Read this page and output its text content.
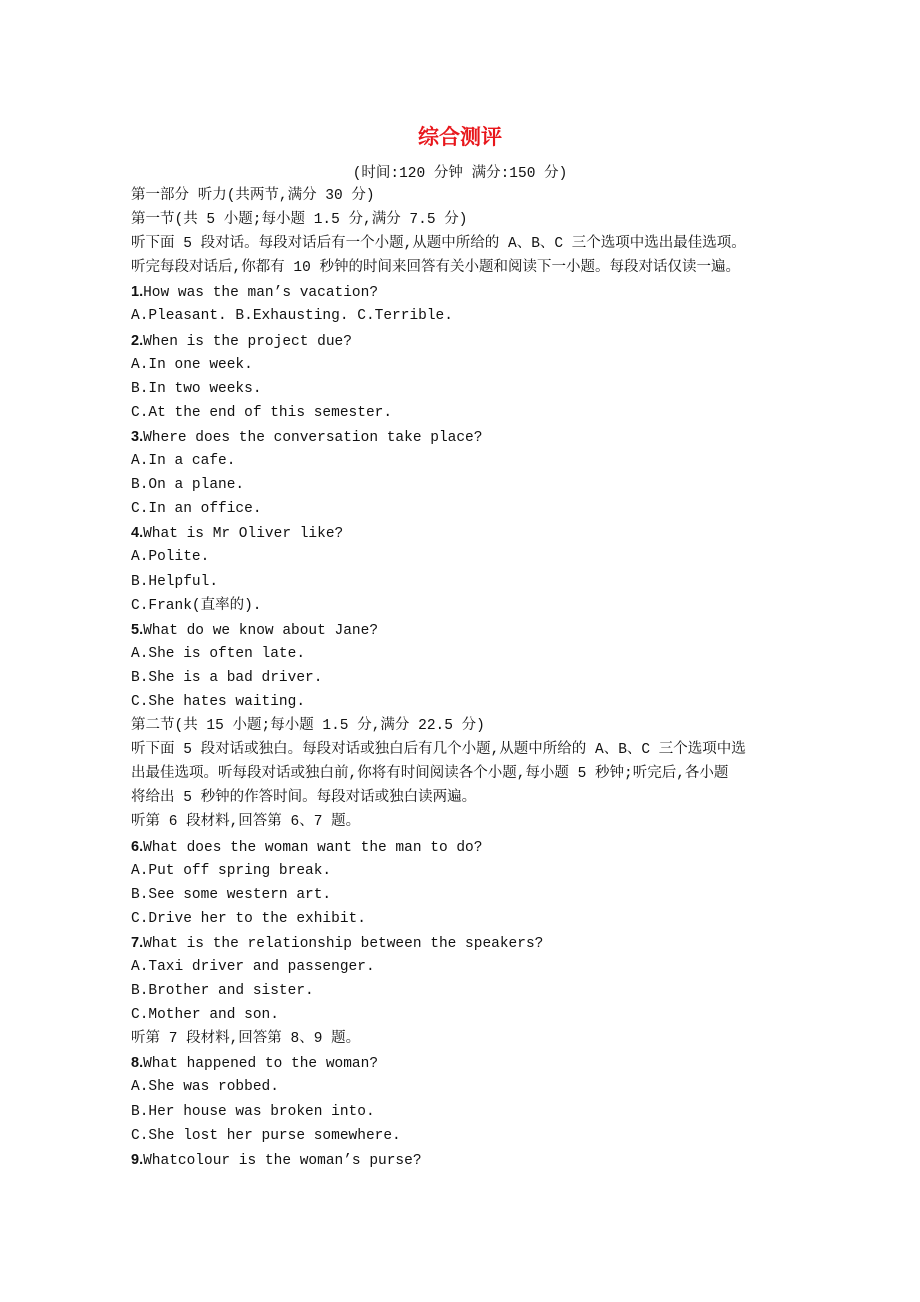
综合测评
(时间:120 分钟 满分:150 分)
第一部分 听力(共两节,满分 30 分)
第一节(共 5 小题;每小题 1.5 分,满分 7.5 分)
听下面 5 段对话。每段对话后有一个小题,从题中所给的 A、B、C 三个选项中选出最佳选项。
听完每段对话后,你都有 10 秒钟的时间来回答有关小题和阅读下一小题。每段对话仅读一遍。
1.How was the man’s vacation?
A.Pleasant. B.Exhausting. C.Terrible.
2.When is the project due?
A.In one week.
B.In two weeks.
C.At the end of this semester.
3.Where does the conversation take place?
A.In a cafe.
B.On a plane.
C.In an office.
4.What is Mr Oliver like?
A.Polite.
B.Helpful.
C.Frank(直率的).
5.What do we know about Jane?
A.She is often late.
B.She is a bad driver.
C.She hates waiting.
第二节(共 15 小题;每小题 1.5 分,满分 22.5 分)
听下面 5 段对话或独白。每段对话或独白后有几个小题,从题中所给的 A、B、C 三个选项中选
出最佳选项。听每段对话或独白前,你将有时间阅读各个小题,每小题 5 秒钟;听完后,各小题
将给出 5 秒钟的作答时间。每段对话或独白读两遍。
听第 6 段材料,回答第 6、7 题。
6.What does the woman want the man to do?
A.Put off spring break.
B.See some western art.
C.Drive her to the exhibit.
7.What is the relationship between the speakers?
A.Taxi driver and passenger.
B.Brother and sister.
C.Mother and son.
听第 7 段材料,回答第 8、9 题。
8.What happened to the woman?
A.She was robbed.
B.Her house was broken into.
C.She lost her purse somewhere.
9.Whatcolour is the woman’s purse?
